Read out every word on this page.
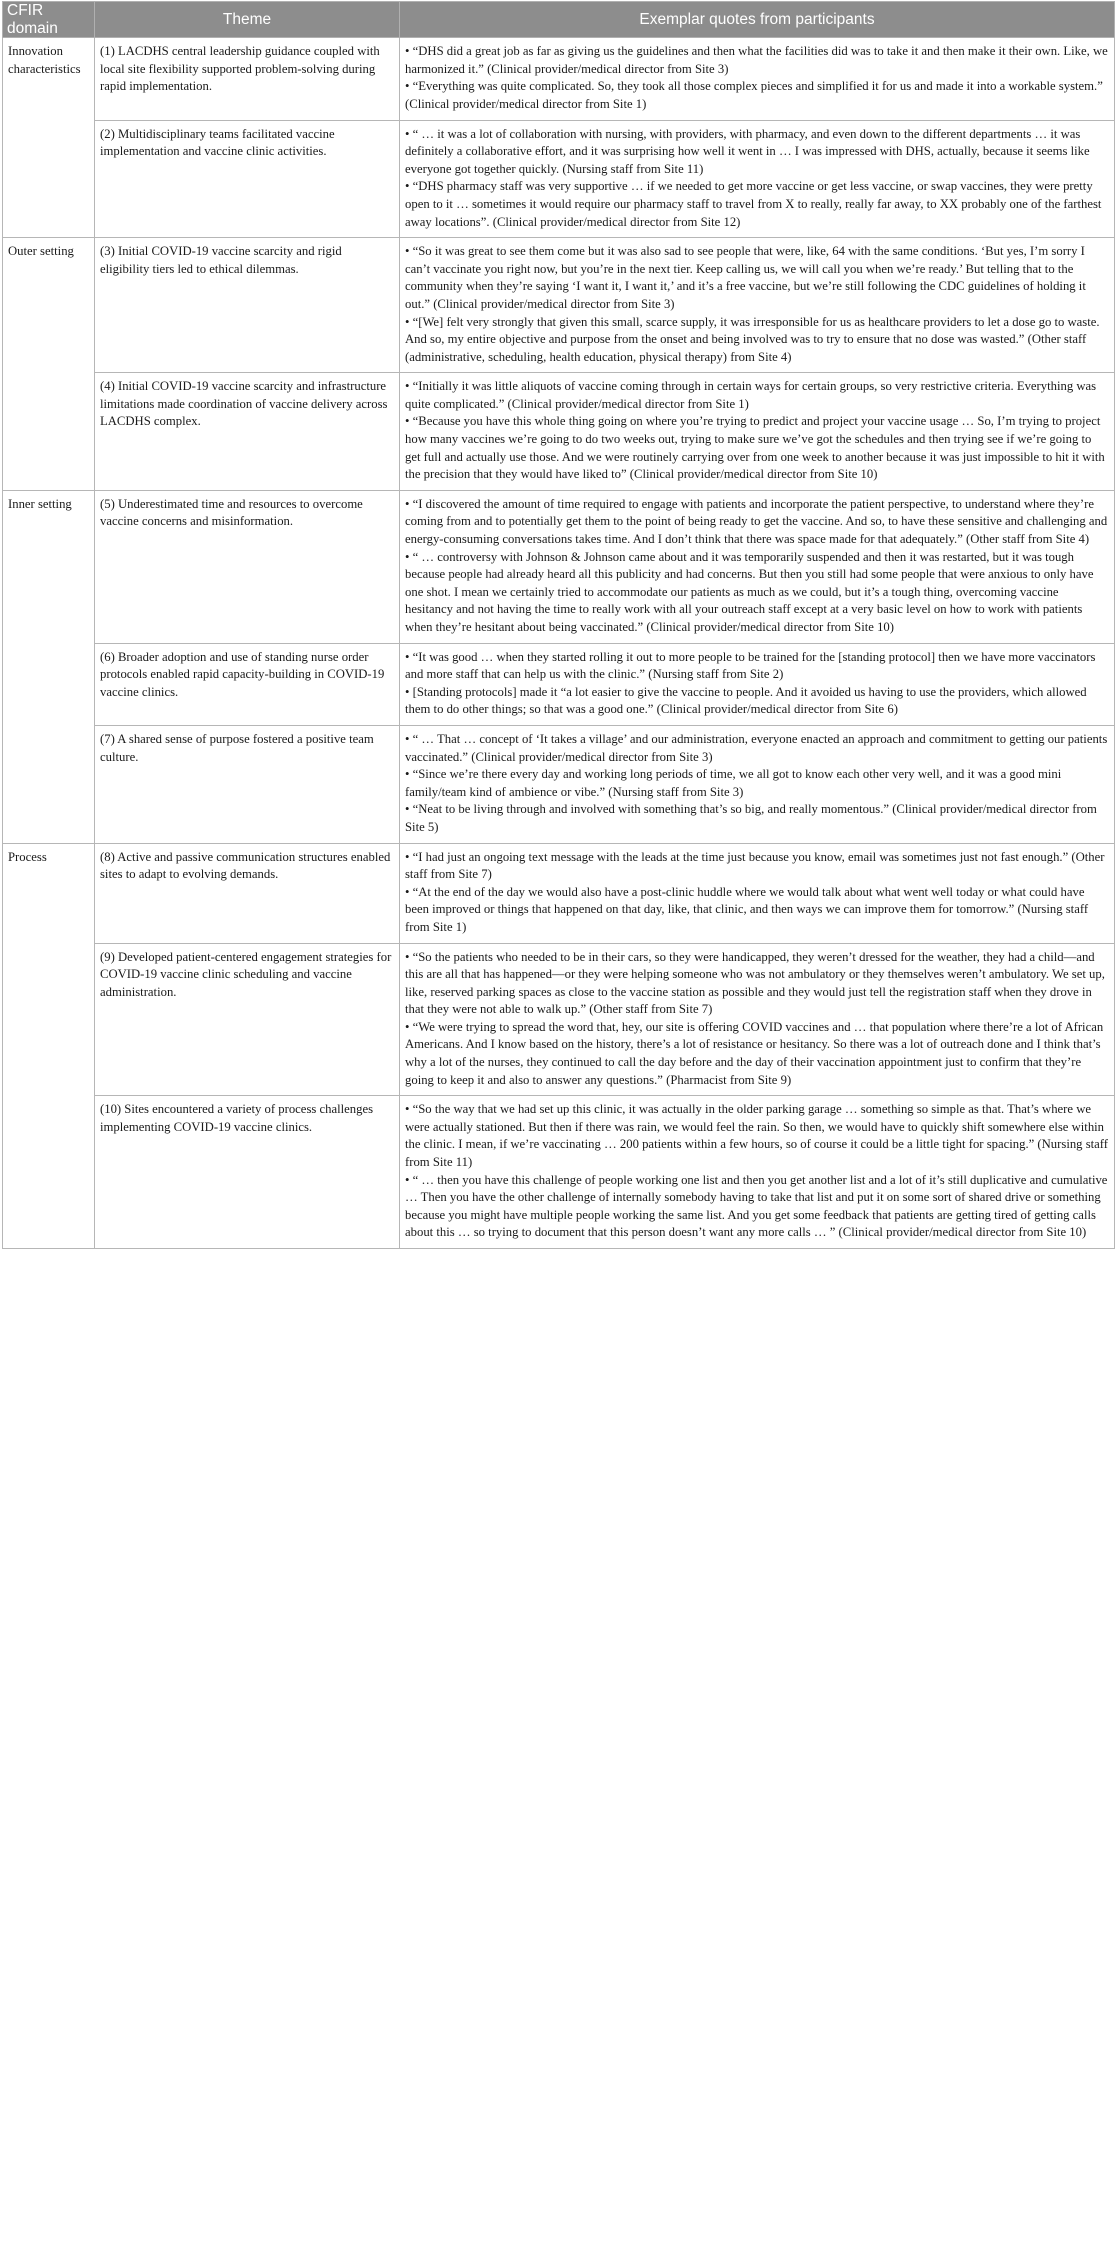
CFIR domain	Theme	Exemplar quotes from participants
Innovation characteristics	(1) LACDHS central leadership guidance coupled with local site flexibility supported problem-solving during rapid implementation.	• “DHS did a great job as far as giving us the guidelines and then what the facilities did was to take it and then make it their own. Like, we harmonized it.” (Clinical provider/medical director from Site 3)

• “Everything was quite complicated. So, they took all those complex pieces and simplified it for us and made it into a workable system.” (Clinical provider/medical director from Site 1)

	(2) Multidisciplinary teams facilitated vaccine implementation and vaccine clinic activities.	• “ … it was a lot of collaboration with nursing, with providers, with pharmacy, and even down to the different departments … it was definitely a collaborative effort, and it was surprising how well it went in … I was impressed with DHS, actually, because it seems like everyone got together quickly. (Nursing staff from Site 11)

• “DHS pharmacy staff was very supportive … if we needed to get more vaccine or get less vaccine, or swap vaccines, they were pretty open to it … sometimes it would require our pharmacy staff to travel from X to really, really far away, to XX probably one of the farthest away locations”. (Clinical provider/medical director from Site 12)

Outer setting	(3) Initial COVID-19 vaccine scarcity and rigid eligibility tiers led to ethical dilemmas.	• “So it was great to see them come but it was also sad to see people that were, like, 64 with the same conditions. ‘But yes, I’m sorry I can’t vaccinate you right now, but you’re in the next tier. Keep calling us, we will call you when we’re ready.’ But telling that to the community when they’re saying ‘I want it, I want it,’ and it’s a free vaccine, but we’re still following the CDC guidelines of holding it out.” (Clinical provider/medical director from Site 3)

• “[We] felt very strongly that given this small, scarce supply, it was irresponsible for us as healthcare providers to let a dose go to waste. And so, my entire objective and purpose from the onset and being involved was to try to ensure that no dose was wasted.” (Other staff (administrative, scheduling, health education, physical therapy) from Site 4)

	(4) Initial COVID-19 vaccine scarcity and infrastructure limitations made coordination of vaccine delivery across LACDHS complex.	• “Initially it was little aliquots of vaccine coming through in certain ways for certain groups, so very restrictive criteria. Everything was quite complicated.” (Clinical provider/medical director from Site 1)

• “Because you have this whole thing going on where you’re trying to predict and project your vaccine usage … So, I’m trying to project how many vaccines we’re going to do two weeks out, trying to make sure we’ve got the schedules and then trying see if we’re going to get full and actually use those. And we were routinely carrying over from one week to another because it was just impossible to hit it with the precision that they would have liked to” (Clinical provider/medical director from Site 10)

Inner setting	(5) Underestimated time and resources to overcome vaccine concerns and misinformation.	• “I discovered the amount of time required to engage with patients and incorporate the patient perspective, to understand where they’re coming from and to potentially get them to the point of being ready to get the vaccine. And so, to have these sensitive and challenging and energy-consuming conversations takes time. And I don’t think that there was space made for that adequately.” (Other staff from Site 4)

• “ … controversy with Johnson & Johnson came about and it was temporarily suspended and then it was restarted, but it was tough because people had already heard all this publicity and had concerns. But then you still had some people that were anxious to only have one shot. I mean we certainly tried to accommodate our patients as much as we could, but it’s a tough thing, overcoming vaccine hesitancy and not having the time to really work with all your outreach staff except at a very basic level on how to work with patients when they’re hesitant about being vaccinated.” (Clinical provider/medical director from Site 10)

	(6) Broader adoption and use of standing nurse order protocols enabled rapid capacity-building in COVID-19 vaccine clinics.	• “It was good … when they started rolling it out to more people to be trained for the [standing protocol] then we have more vaccinators and more staff that can help us with the clinic.” (Nursing staff from Site 2)

• [Standing protocols] made it “a lot easier to give the vaccine to people. And it avoided us having to use the providers, which allowed them to do other things; so that was a good one.” (Clinical provider/medical director from Site 6)

	(7) A shared sense of purpose fostered a positive team culture.	• “ … That … concept of ‘It takes a village’ and our administration, everyone enacted an approach and commitment to getting our patients vaccinated.” (Clinical provider/medical director from Site 3)

• “Since we’re there every day and working long periods of time, we all got to know each other very well, and it was a good mini family/team kind of ambience or vibe.” (Nursing staff from Site 3)

• “Neat to be living through and involved with something that’s so big, and really momentous.” (Clinical provider/medical director from Site 5)

Process	(8) Active and passive communication structures enabled sites to adapt to evolving demands.	• “I had just an ongoing text message with the leads at the time just because you know, email was sometimes just not fast enough.” (Other staff from Site 7)

• “At the end of the day we would also have a post-clinic huddle where we would talk about what went well today or what could have been improved or things that happened on that day, like, that clinic, and then ways we can improve them for tomorrow.” (Nursing staff from Site 1)

	(9) Developed patient-centered engagement strategies for COVID-19 vaccine clinic scheduling and vaccine administration.	• “So the patients who needed to be in their cars, so they were handicapped, they weren’t dressed for the weather, they had a child—and this are all that has happened—or they were helping someone who was not ambulatory or they themselves weren’t ambulatory. We set up, like, reserved parking spaces as close to the vaccine station as possible and they would just tell the registration staff when they drove in that they were not able to walk up.” (Other staff from Site 7)

• “We were trying to spread the word that, hey, our site is offering COVID vaccines and … that population where there’re a lot of African Americans. And I know based on the history, there’s a lot of resistance or hesitancy. So there was a lot of outreach done and I think that’s why a lot of the nurses, they continued to call the day before and the day of their vaccination appointment just to confirm that they’re going to keep it and also to answer any questions.” (Pharmacist from Site 9)

	(10) Sites encountered a variety of process challenges implementing COVID-19 vaccine clinics.	• “So the way that we had set up this clinic, it was actually in the older parking garage … something so simple as that. That’s where we were actually stationed. But then if there was rain, we would feel the rain. So then, we would have to quickly shift somewhere else within the clinic. I mean, if we’re vaccinating … 200 patients within a few hours, so of course it could be a little tight for spacing.” (Nursing staff from Site 11)

• “ … then you have this challenge of people working one list and then you get another list and a lot of it’s still duplicative and cumulative … Then you have the other challenge of internally somebody having to take that list and put it on some sort of shared drive or something because you might have multiple people working the same list. And you get some feedback that patients are getting tired of getting calls about this … so trying to document that this person doesn’t want any more calls … ” (Clinical provider/medical director from Site 10)
